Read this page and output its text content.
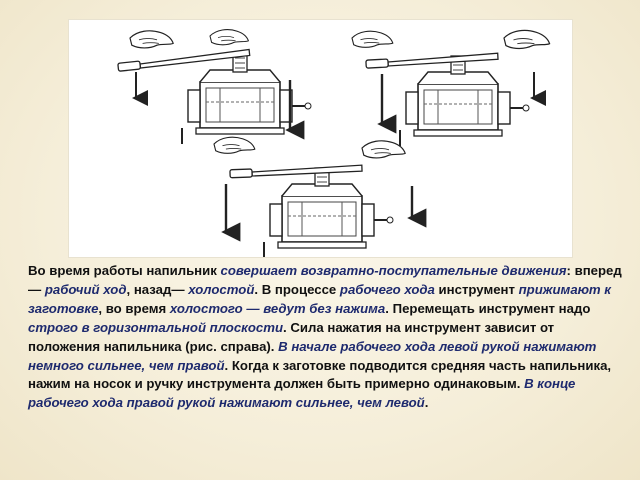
Во время работы напильник совершает возвратно-поступательные движения: вперед — рабочий ход, назад— холостой. В процессе рабочего хода инструмент прижимают к заготовке, во время холостого — ведут без нажима. Перемещать инструмент надо строго в горизонтальной плоскости. Сила нажатия на инструмент зависит от положения напильника (рис. справа). В начале рабочего хода левой рукой нажимают немного сильнее, чем правой. Когда к заготовке подводится средняя часть напильника, нажим на носок и ручку инструмента должен быть примерно одинаковым. В конце рабочего хода правой рукой нажимают сильнее, чем левой.
